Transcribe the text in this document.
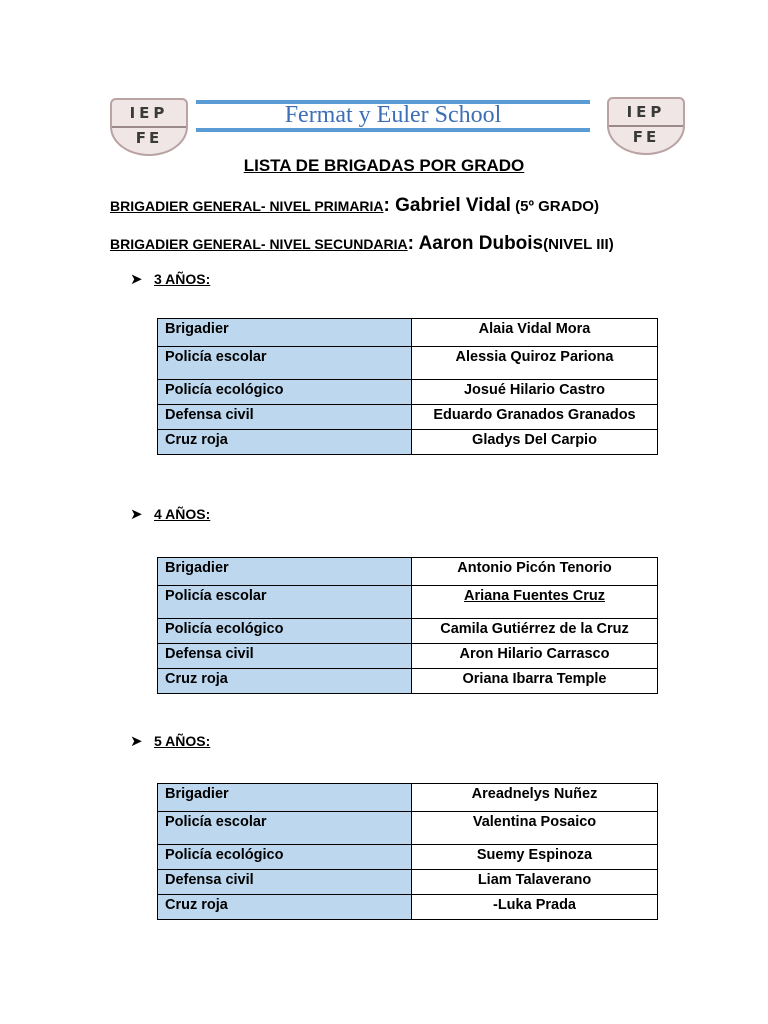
IEP
FE
Fermat y Euler School	IEP
FE
LISTA DE BRIGADAS POR GRADO
BRIGADIER GENERAL- NIVEL PRIMARIA: Gabriel Vidal (5º GRADO)
BRIGADIER GENERAL- NIVEL SECUNDARIA: Aaron Dubois(NIVEL III)
➤ 3 AÑOS:
Brigadier	Alaia Vidal Mora

Policía escolar	Alessia Quiroz Pariona

Policía ecológico	Josué Hilario Castro

Defensa civil	Eduardo Granados Granados

Cruz roja	Gladys Del Carpio
➤ 4 AÑOS:
Brigadier	Antonio Picón Tenorio

Policía escolar	Ariana Fuentes Cruz

Policía ecológico	Camila Gutiérrez de la Cruz

Defensa civil	Aron Hilario Carrasco

Cruz roja	Oriana Ibarra Temple
➤ 5 AÑOS:
Brigadier	Areadnelys Nuñez

Policía escolar	Valentina Posaico

Policía ecológico	Suemy Espinoza

Defensa civil	Liam Talaverano

Cruz roja	-Luka Prada
